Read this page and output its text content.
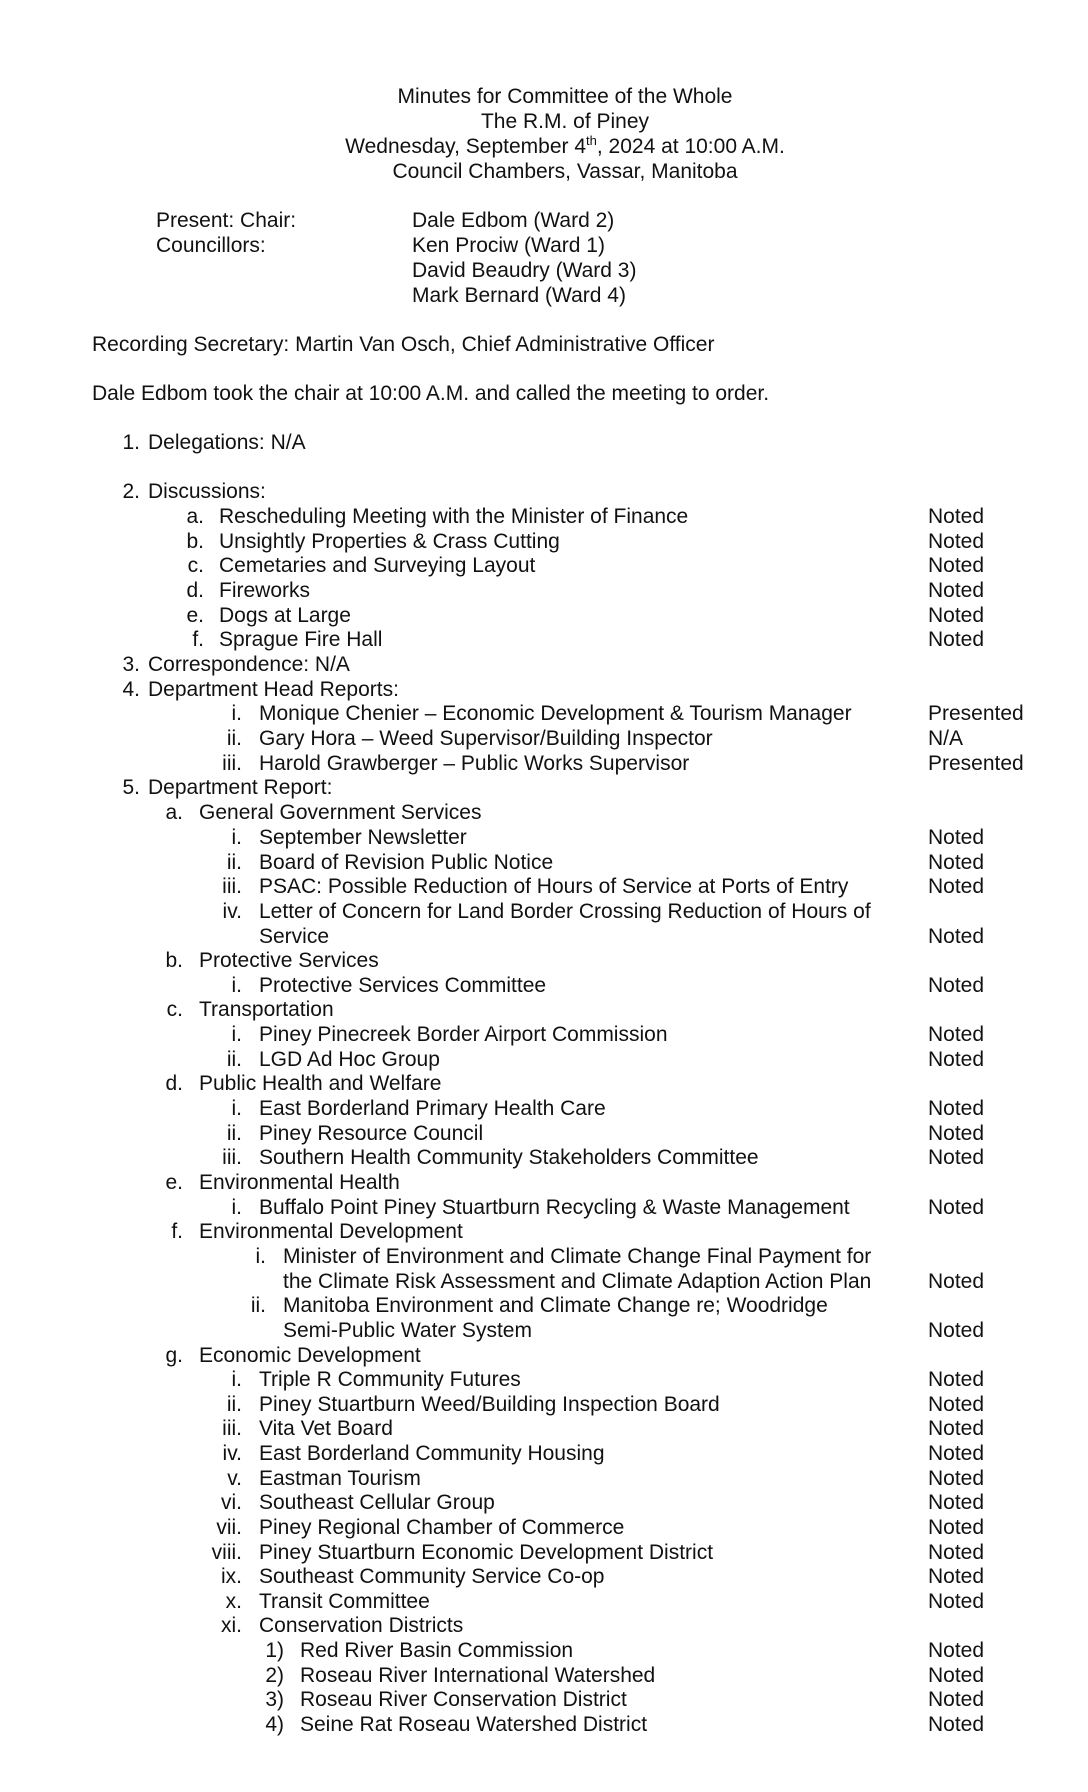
Minutes for Committee of the Whole
The R.M. of Piney
Wednesday, September 4th, 2024 at 10:00 A.M.
Council Chambers, Vassar, Manitoba
Present: Chair:	Dale Edbom (Ward 2)
Councillors:	Ken Prociw (Ward 1)
David Beaudry (Ward 3)
Mark Bernard (Ward 4)
Recording Secretary: Martin Van Osch, Chief Administrative Officer
Dale Edbom took the chair at 10:00 A.M. and called the meeting to order.
1. Delegations: N/A
2. Discussions:
a. Rescheduling Meeting with the Minister of Finance	Noted
b. Unsightly Properties & Crass Cutting	Noted
c. Cemetaries and Surveying Layout	Noted
d. Fireworks	Noted
e. Dogs at Large	Noted
f. Sprague Fire Hall	Noted
3. Correspondence: N/A
4. Department Head Reports:
i. Monique Chenier – Economic Development & Tourism Manager	Presented
ii. Gary Hora – Weed Supervisor/Building Inspector	N/A
iii. Harold Grawberger – Public Works Supervisor	Presented
5. Department Report:
a. General Government Services
i. September Newsletter	Noted
ii. Board of Revision Public Notice	Noted
iii. PSAC: Possible Reduction of Hours of Service at Ports of Entry	Noted
iv. Letter of Concern for Land Border Crossing Reduction of Hours of
Service	Noted
b. Protective Services
i. Protective Services Committee	Noted
c. Transportation
i. Piney Pinecreek Border Airport Commission	Noted
ii. LGD Ad Hoc Group	Noted
d. Public Health and Welfare
i. East Borderland Primary Health Care	Noted
ii. Piney Resource Council	Noted
iii. Southern Health Community Stakeholders Committee	Noted
e. Environmental Health
i. Buffalo Point Piney Stuartburn Recycling & Waste Management	Noted
f. Environmental Development
i. Minister of Environment and Climate Change Final Payment for
the Climate Risk Assessment and Climate Adaption Action Plan	Noted
ii. Manitoba Environment and Climate Change re; Woodridge
Semi-Public Water System	Noted
g. Economic Development
i. Triple R Community Futures	Noted
ii. Piney Stuartburn Weed/Building Inspection Board	Noted
iii. Vita Vet Board	Noted
iv. East Borderland Community Housing	Noted
v. Eastman Tourism	Noted
vi. Southeast Cellular Group	Noted
vii. Piney Regional Chamber of Commerce	Noted
viii. Piney Stuartburn Economic Development District	Noted
ix. Southeast Community Service Co-op	Noted
x. Transit Committee	Noted
xi. Conservation Districts
1) Red River Basin Commission	Noted
2) Roseau River International Watershed	Noted
3) Roseau River Conservation District	Noted
4) Seine Rat Roseau Watershed District	Noted
